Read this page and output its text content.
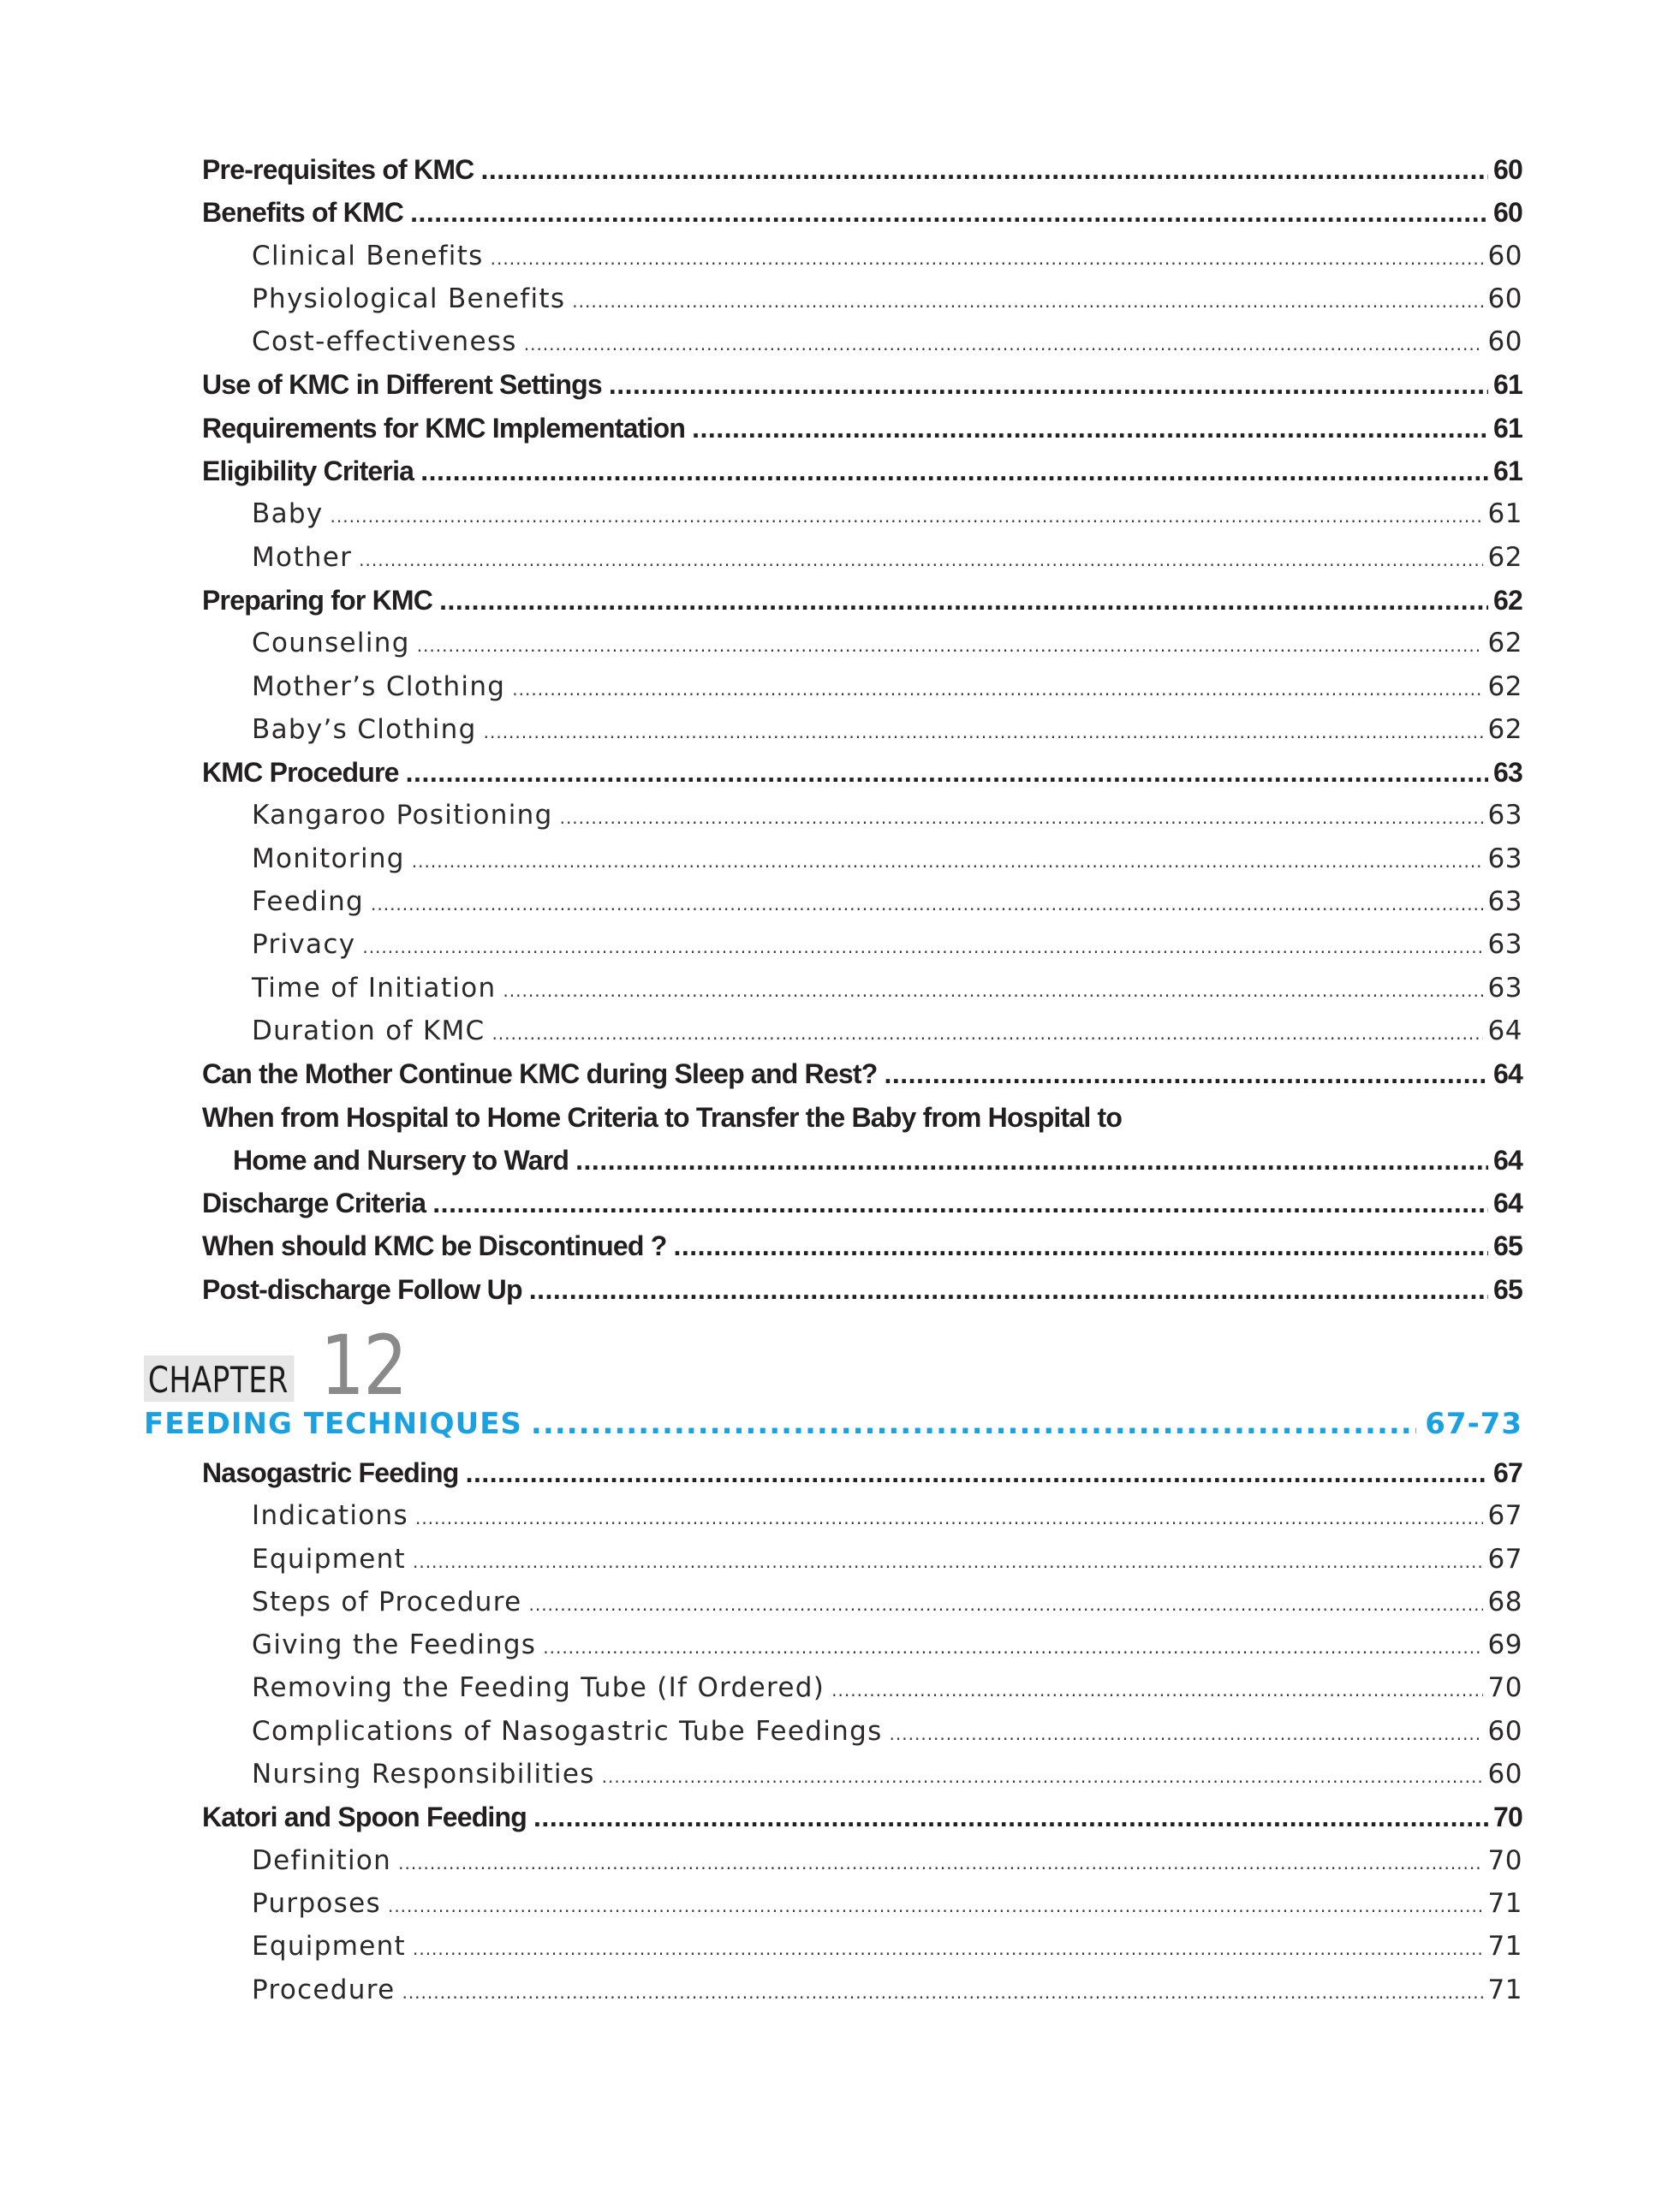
Pre-requisites of KMC .....	60
Benefits of KMC .....	60
Clinical Benefits .....	60
Physiological Benefits .....	60
Cost-effectiveness .....	60
Use of KMC in Different Settings .....	61
Requirements for KMC Implementation .....	61
Eligibility Criteria .....	61
Baby .....	61
Mother .....	62
Preparing for KMC .....	62
Counseling .....	62
Mother’s Clothing .....	62
Baby’s Clothing .....	62
KMC Procedure .....	63
Kangaroo Positioning .....	63
Monitoring .....	63
Feeding .....	63
Privacy .....	63
Time of Initiation .....	63
Duration of KMC .....	64
Can the Mother Continue KMC during Sleep and Rest? .....	64
When from Hospital to Home Criteria to Transfer the Baby from Hospital to
Home and Nursery to Ward .....	64
Discharge Criteria .....	64
When should KMC be Discontinued ? .....	65
Post-discharge Follow Up .....	65
CHAPTER 12
FEEDING TECHNIQUES .....	67-73
Nasogastric Feeding .....	67
Indications .....	67
Equipment .....	67
Steps of Procedure .....	68
Giving the Feedings .....	69
Removing the Feeding Tube (If Ordered) .....	70
Complications of Nasogastric Tube Feedings .....	60
Nursing Responsibilities .....	60
Katori and Spoon Feeding .....	70
Definition .....	70
Purposes .....	71
Equipment .....	71
Procedure .....	71
